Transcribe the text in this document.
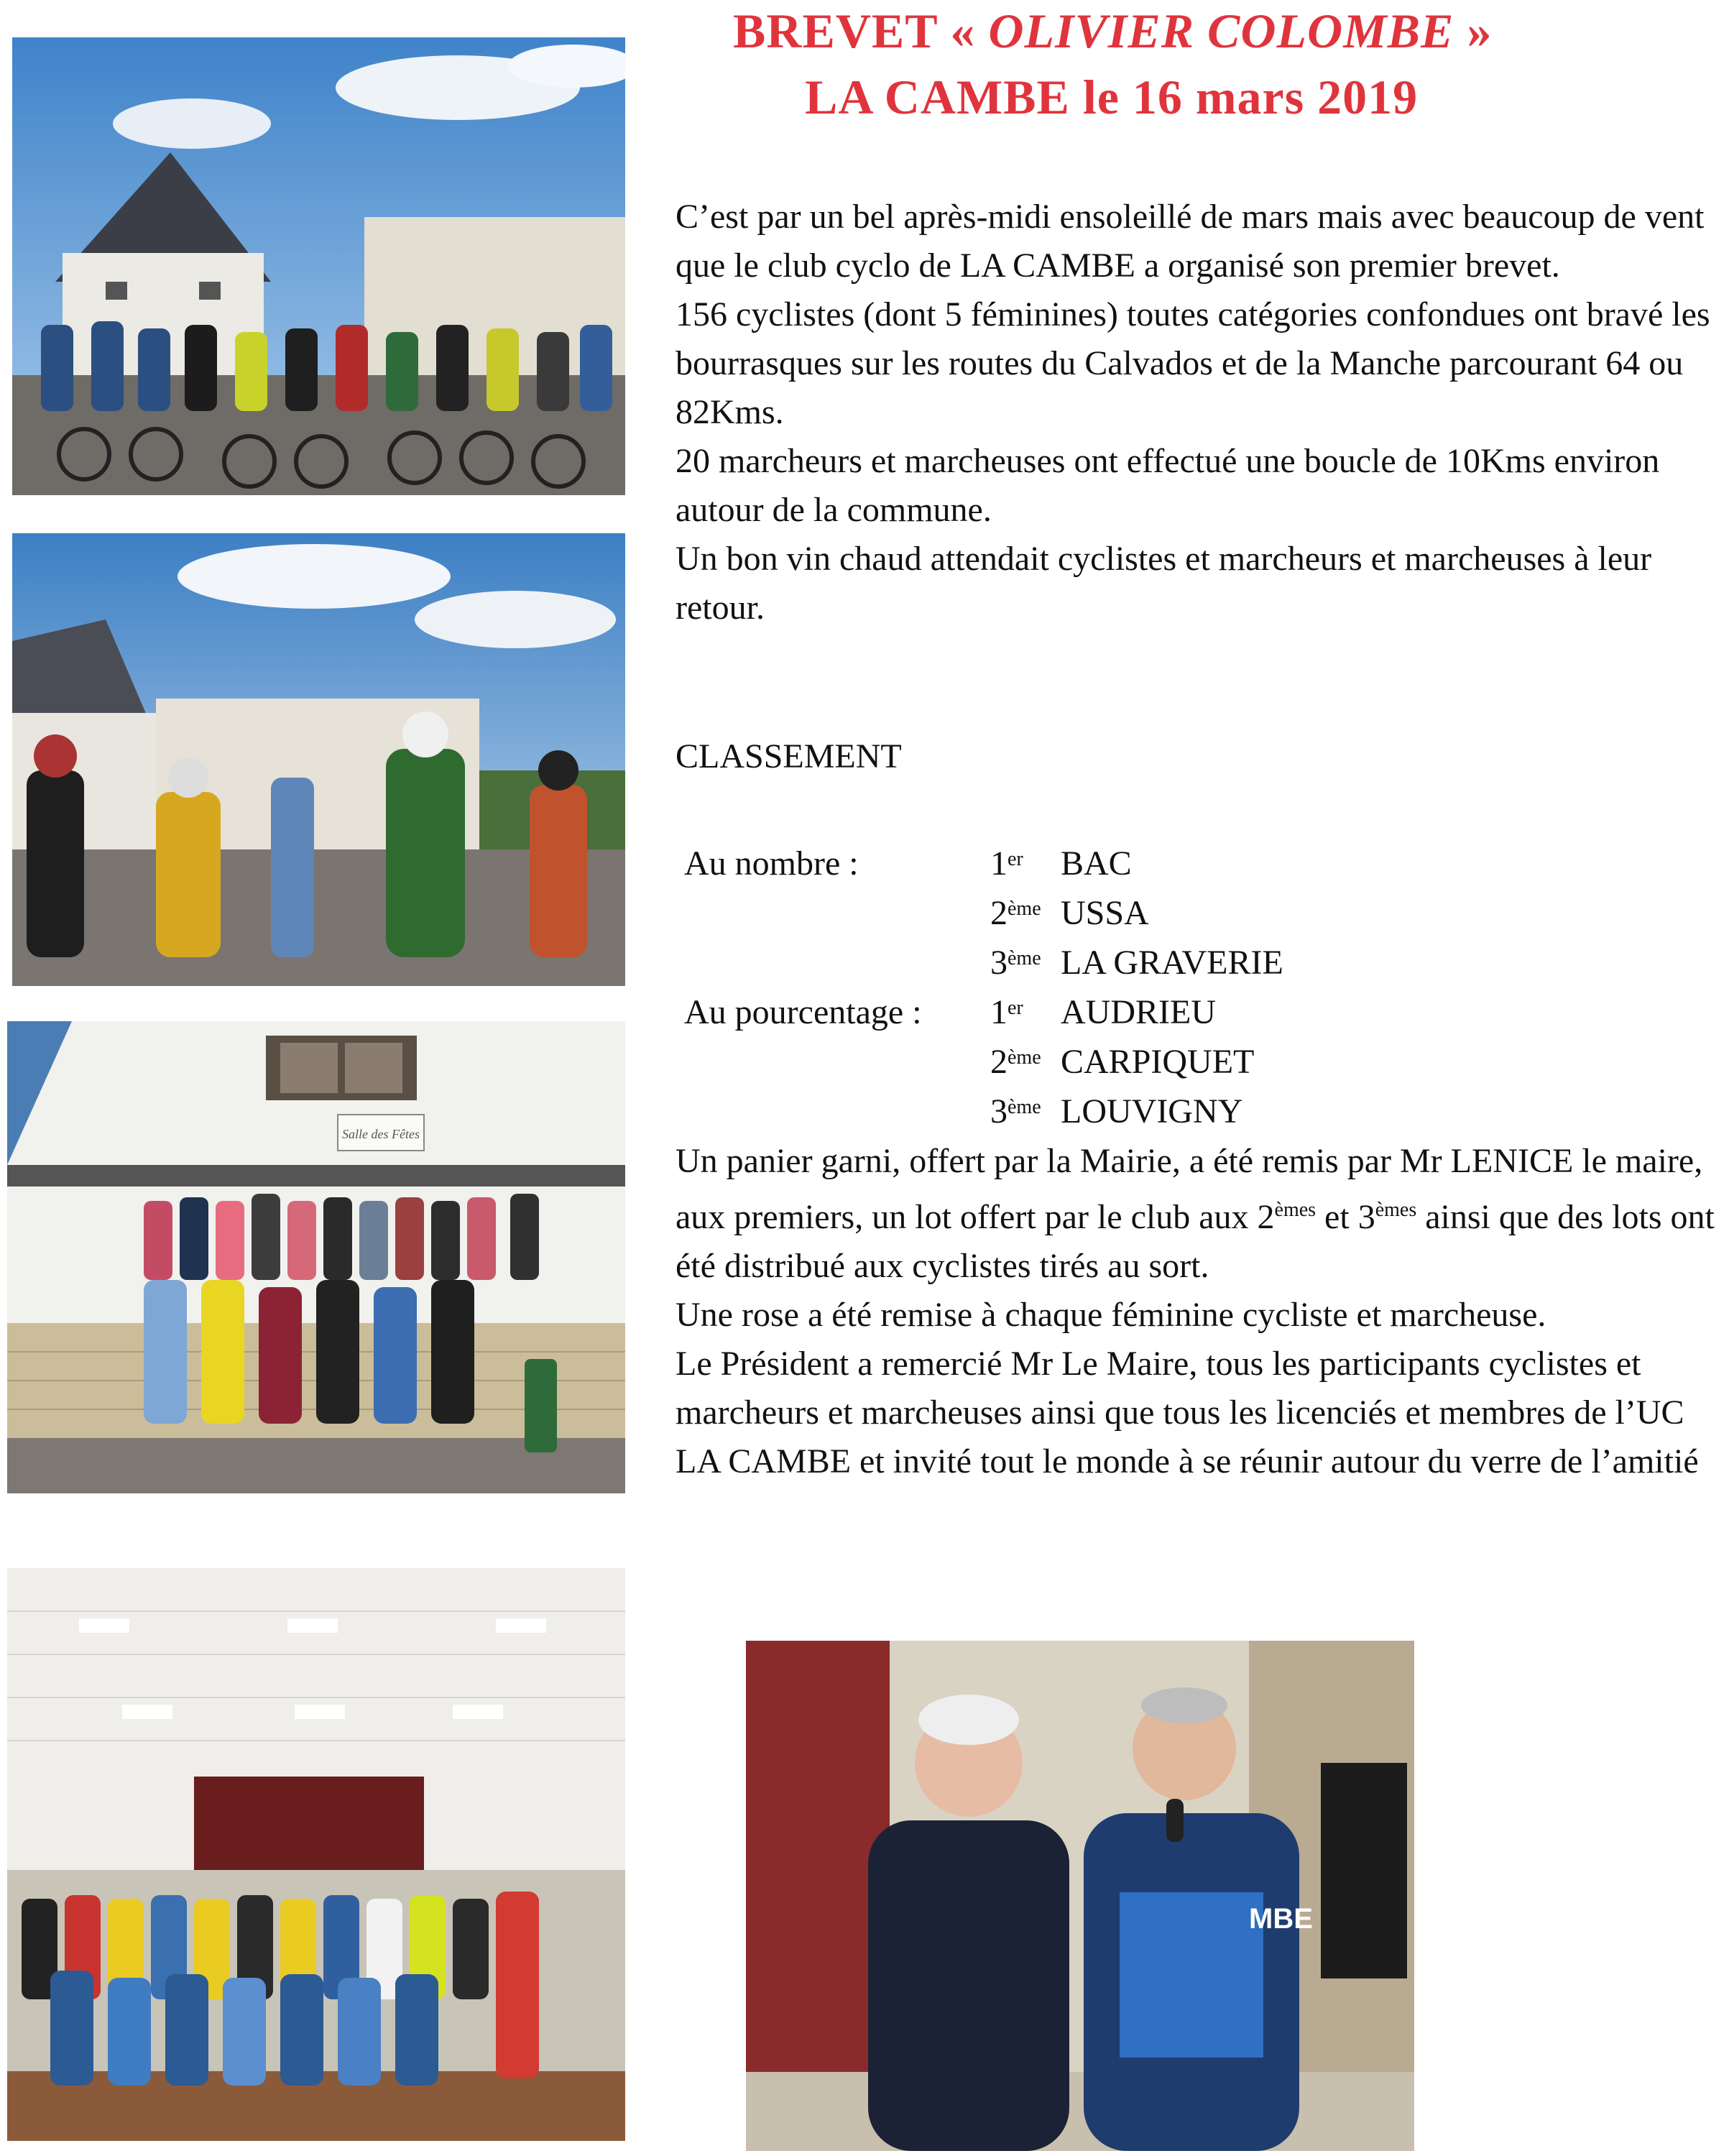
BREVET « OLIVIER COLOMBE »
LA CAMBE le 16 mars 2019
Salle des Fêtes
MBE

C’est par un bel après-midi ensoleillé de mars mais avec beaucoup de vent que le club cyclo de LA CAMBE a organisé son premier brevet.

156 cyclistes (dont 5 féminines) toutes catégories confondues ont bravé les bourrasques sur les routes du Calvados et de la Manche parcourant 64 ou 82Kms.

20 marcheurs et marcheuses ont effectué une boucle de 10Kms environ autour de la commune.

Un bon vin chaud attendait cyclistes et marcheurs et marcheuses à leur retour.

CLASSEMENT
Au nombre :	1er BAC
2ème USSA
3ème LA GRAVERIE
Au pourcentage : 1er AUDRIEU
2ème CARPIQUET
3ème LOUVIGNY

Un panier garni, offert par la Mairie, a été remis par Mr LENICE le maire, aux premiers, un lot offert par le club aux 2èmes et 3èmes ainsi que des lots ont été distribué aux cyclistes tirés au sort.

Une rose a été remise à chaque féminine cycliste et marcheuse.

Le Président a remercié Mr Le Maire, tous les participants cyclistes et marcheurs et marcheuses ainsi que tous les licenciés et membres de l’UC LA CAMBE et invité tout le monde à se réunir autour du verre de l’amitié
